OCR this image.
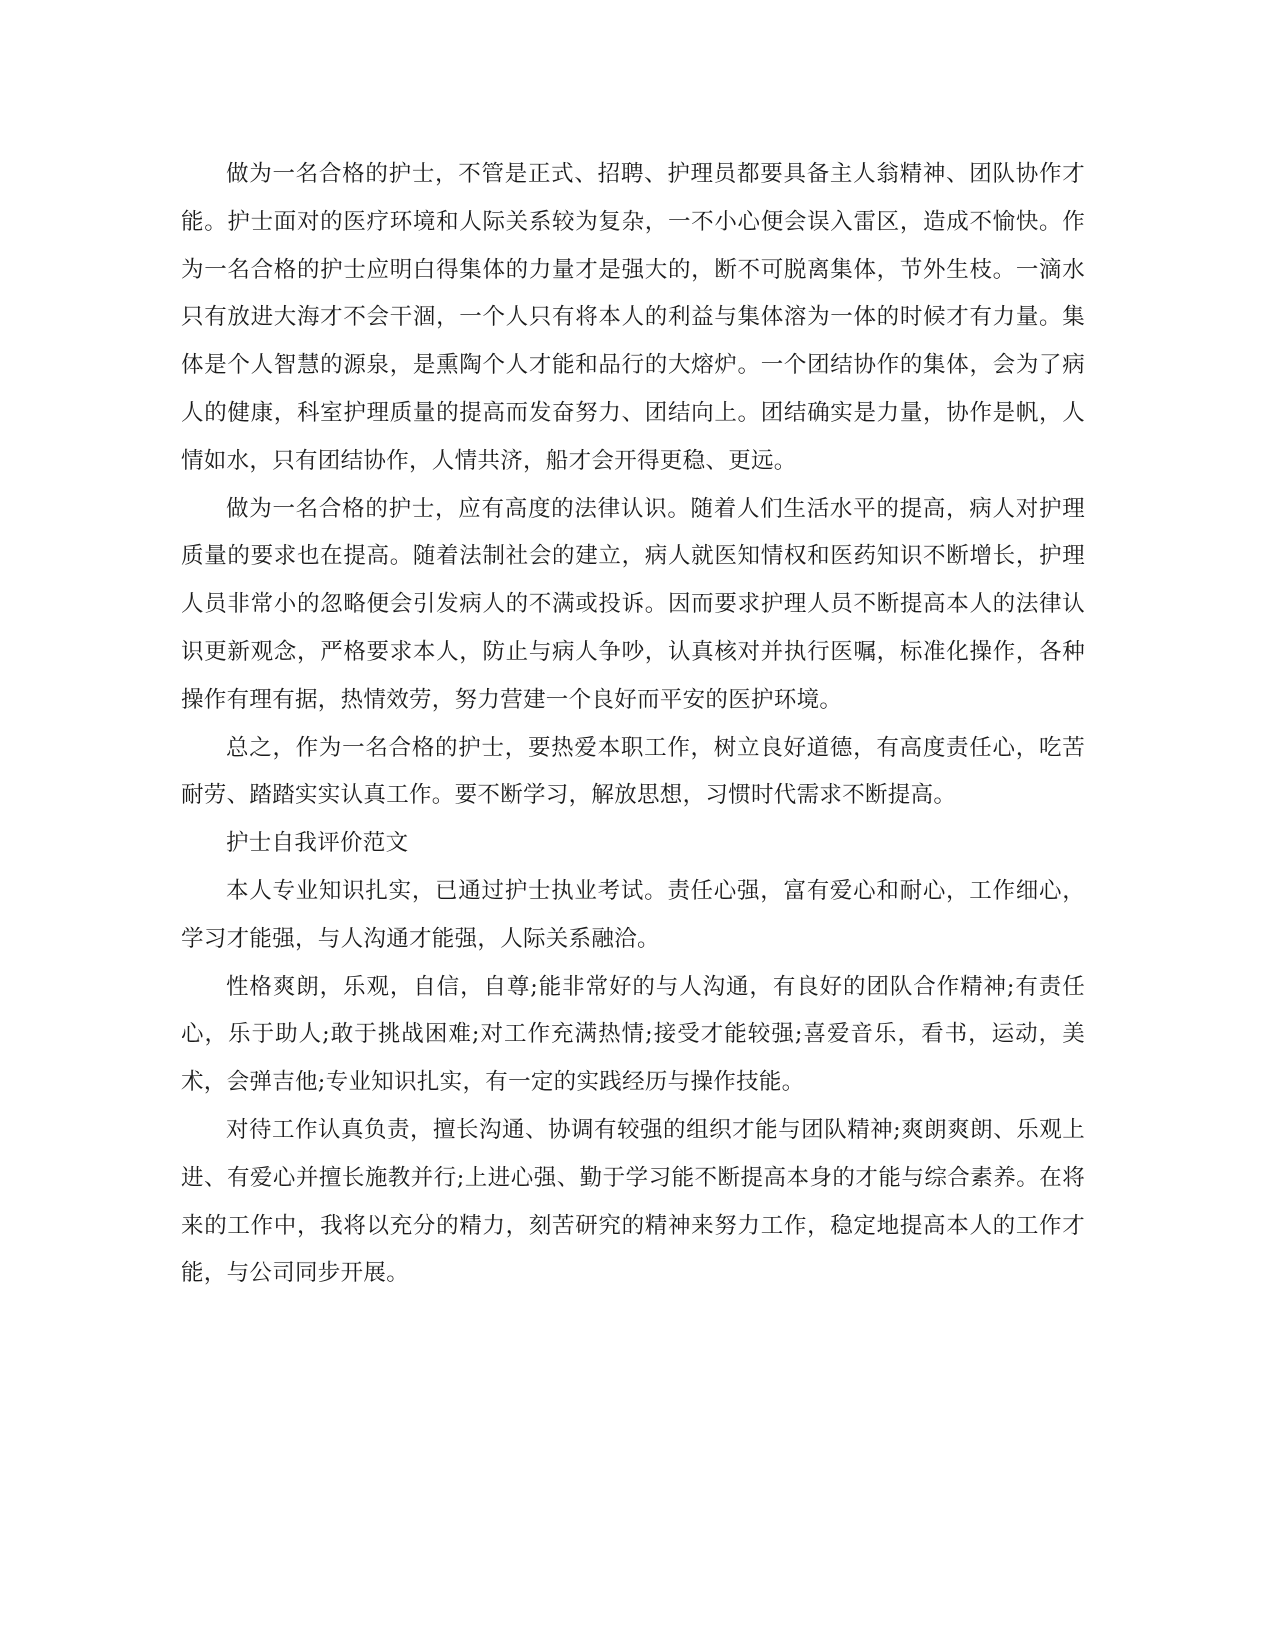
做为一名合格的护士，不管是正式、招聘、护理员都要具备主人翁精神、团队协作才能。护士面对的医疗环境和人际关系较为复杂，一不小心便会误入雷区，造成不愉快。作为一名合格的护士应明白得集体的力量才是强大的，断不可脱离集体，节外生枝。一滴水只有放进大海才不会干涸，一个人只有将本人的利益与集体溶为一体的时候才有力量。集体是个人智慧的源泉，是熏陶个人才能和品行的大熔炉。一个团结协作的集体，会为了病人的健康，科室护理质量的提高而发奋努力、团结向上。团结确实是力量，协作是帆，人情如水，只有团结协作，人情共济，船才会开得更稳、更远。

做为一名合格的护士，应有高度的法律认识。随着人们生活水平的提高，病人对护理质量的要求也在提高。随着法制社会的建立，病人就医知情权和医药知识不断增长，护理人员非常小的忽略便会引发病人的不满或投诉。因而要求护理人员不断提高本人的法律认识更新观念，严格要求本人，防止与病人争吵，认真核对并执行医嘱，标准化操作，各种操作有理有据，热情效劳，努力营建一个良好而平安的医护环境。

总之，作为一名合格的护士，要热爱本职工作，树立良好道德，有高度责任心，吃苦耐劳、踏踏实实认真工作。要不断学习，解放思想，习惯时代需求不断提高。

护士自我评价范文

本人专业知识扎实，已通过护士执业考试。责任心强，富有爱心和耐心，工作细心，学习才能强，与人沟通才能强，人际关系融洽。

性格爽朗，乐观，自信，自尊;能非常好的与人沟通，有良好的团队合作精神;有责任心，乐于助人;敢于挑战困难;对工作充满热情;接受才能较强;喜爱音乐，看书，运动，美术，会弹吉他;专业知识扎实，有一定的实践经历与操作技能。

对待工作认真负责，擅长沟通、协调有较强的组织才能与团队精神;爽朗爽朗、乐观上进、有爱心并擅长施教并行;上进心强、勤于学习能不断提高本身的才能与综合素养。在将来的工作中，我将以充分的精力，刻苦研究的精神来努力工作，稳定地提高本人的工作才能，与公司同步开展。
